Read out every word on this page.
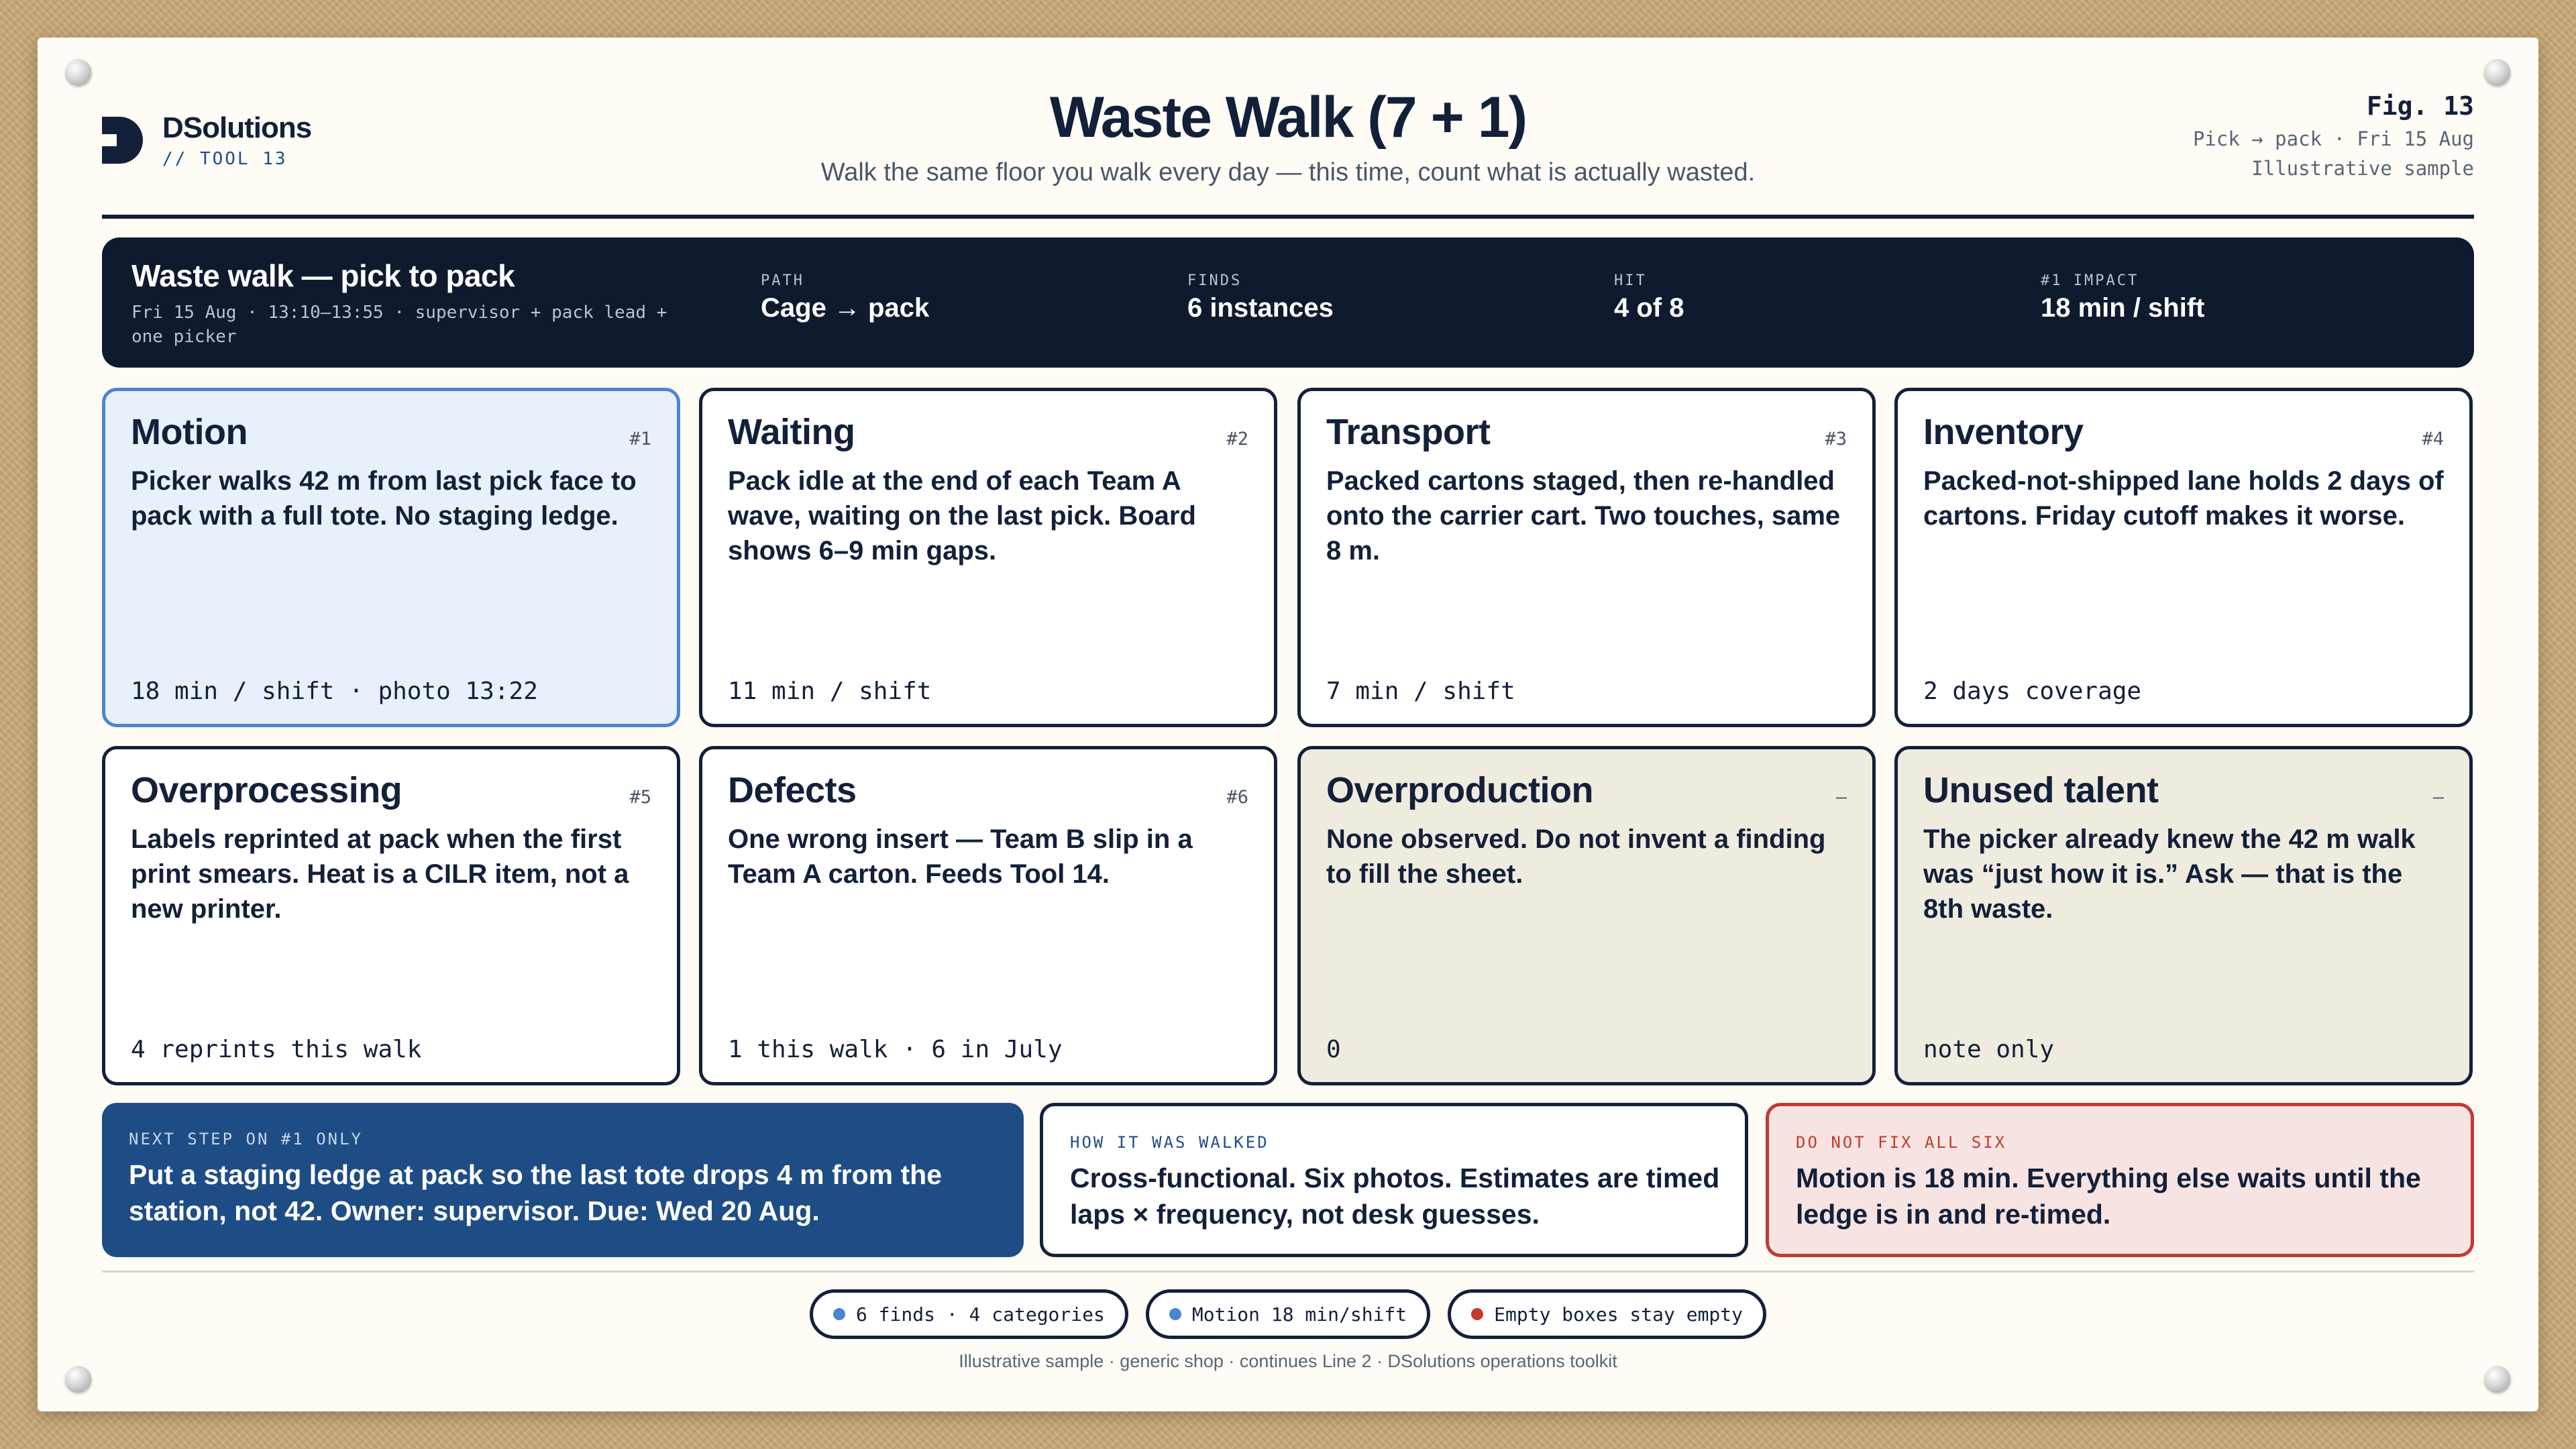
DSolutions
// TOOL 13
Waste Walk (7 + 1)
Walk the same floor you walk every day — this time, count what is actually wasted.
Fig. 13
Pick → pack · Fri 15 Aug
Illustrative sample
Waste walk — pick to pack
Fri 15 Aug · 13:10–13:55 · supervisor + pack lead + one picker
PATH
Cage → pack
FINDS
6 instances
HIT
4 of 8
#1 IMPACT
18 min / shift
Motion	#1
Picker walks 42 m from last pick face to pack with a full tote. No staging ledge.
18 min / shift · photo 13:22
Waiting	#2
Pack idle at the end of each Team A wave, waiting on the last pick. Board shows 6–9 min gaps.
11 min / shift
Transport	#3
Packed cartons staged, then re-handled onto the carrier cart. Two touches, same 8 m.
7 min / shift
Inventory	#4
Packed-not-shipped lane holds 2 days of cartons. Friday cutoff makes it worse.
2 days coverage
Overprocessing	#5
Labels reprinted at pack when the first print smears. Heat is a CILR item, not a new printer.
4 reprints this walk
Defects	#6
One wrong insert — Team B slip in a Team A carton. Feeds Tool 14.
1 this walk · 6 in July
Overproduction	–
None observed. Do not invent a finding to fill the sheet.
0
Unused talent	–
The picker already knew the 42 m walk was “just how it is.” Ask — that is the 8th waste.
note only
NEXT STEP ON #1 ONLY
Put a staging ledge at pack so the last tote drops 4 m from the station, not 42. Owner: supervisor. Due: Wed 20 Aug.
HOW IT WAS WALKED
Cross-functional. Six photos. Estimates are timed laps × frequency, not desk guesses.
DO NOT FIX ALL SIX
Motion is 18 min. Everything else waits until the ledge is in and re-timed.
6 finds · 4 categories	Motion 18 min/shift	Empty boxes stay empty
Illustrative sample · generic shop · continues Line 2 · DSolutions operations toolkit
